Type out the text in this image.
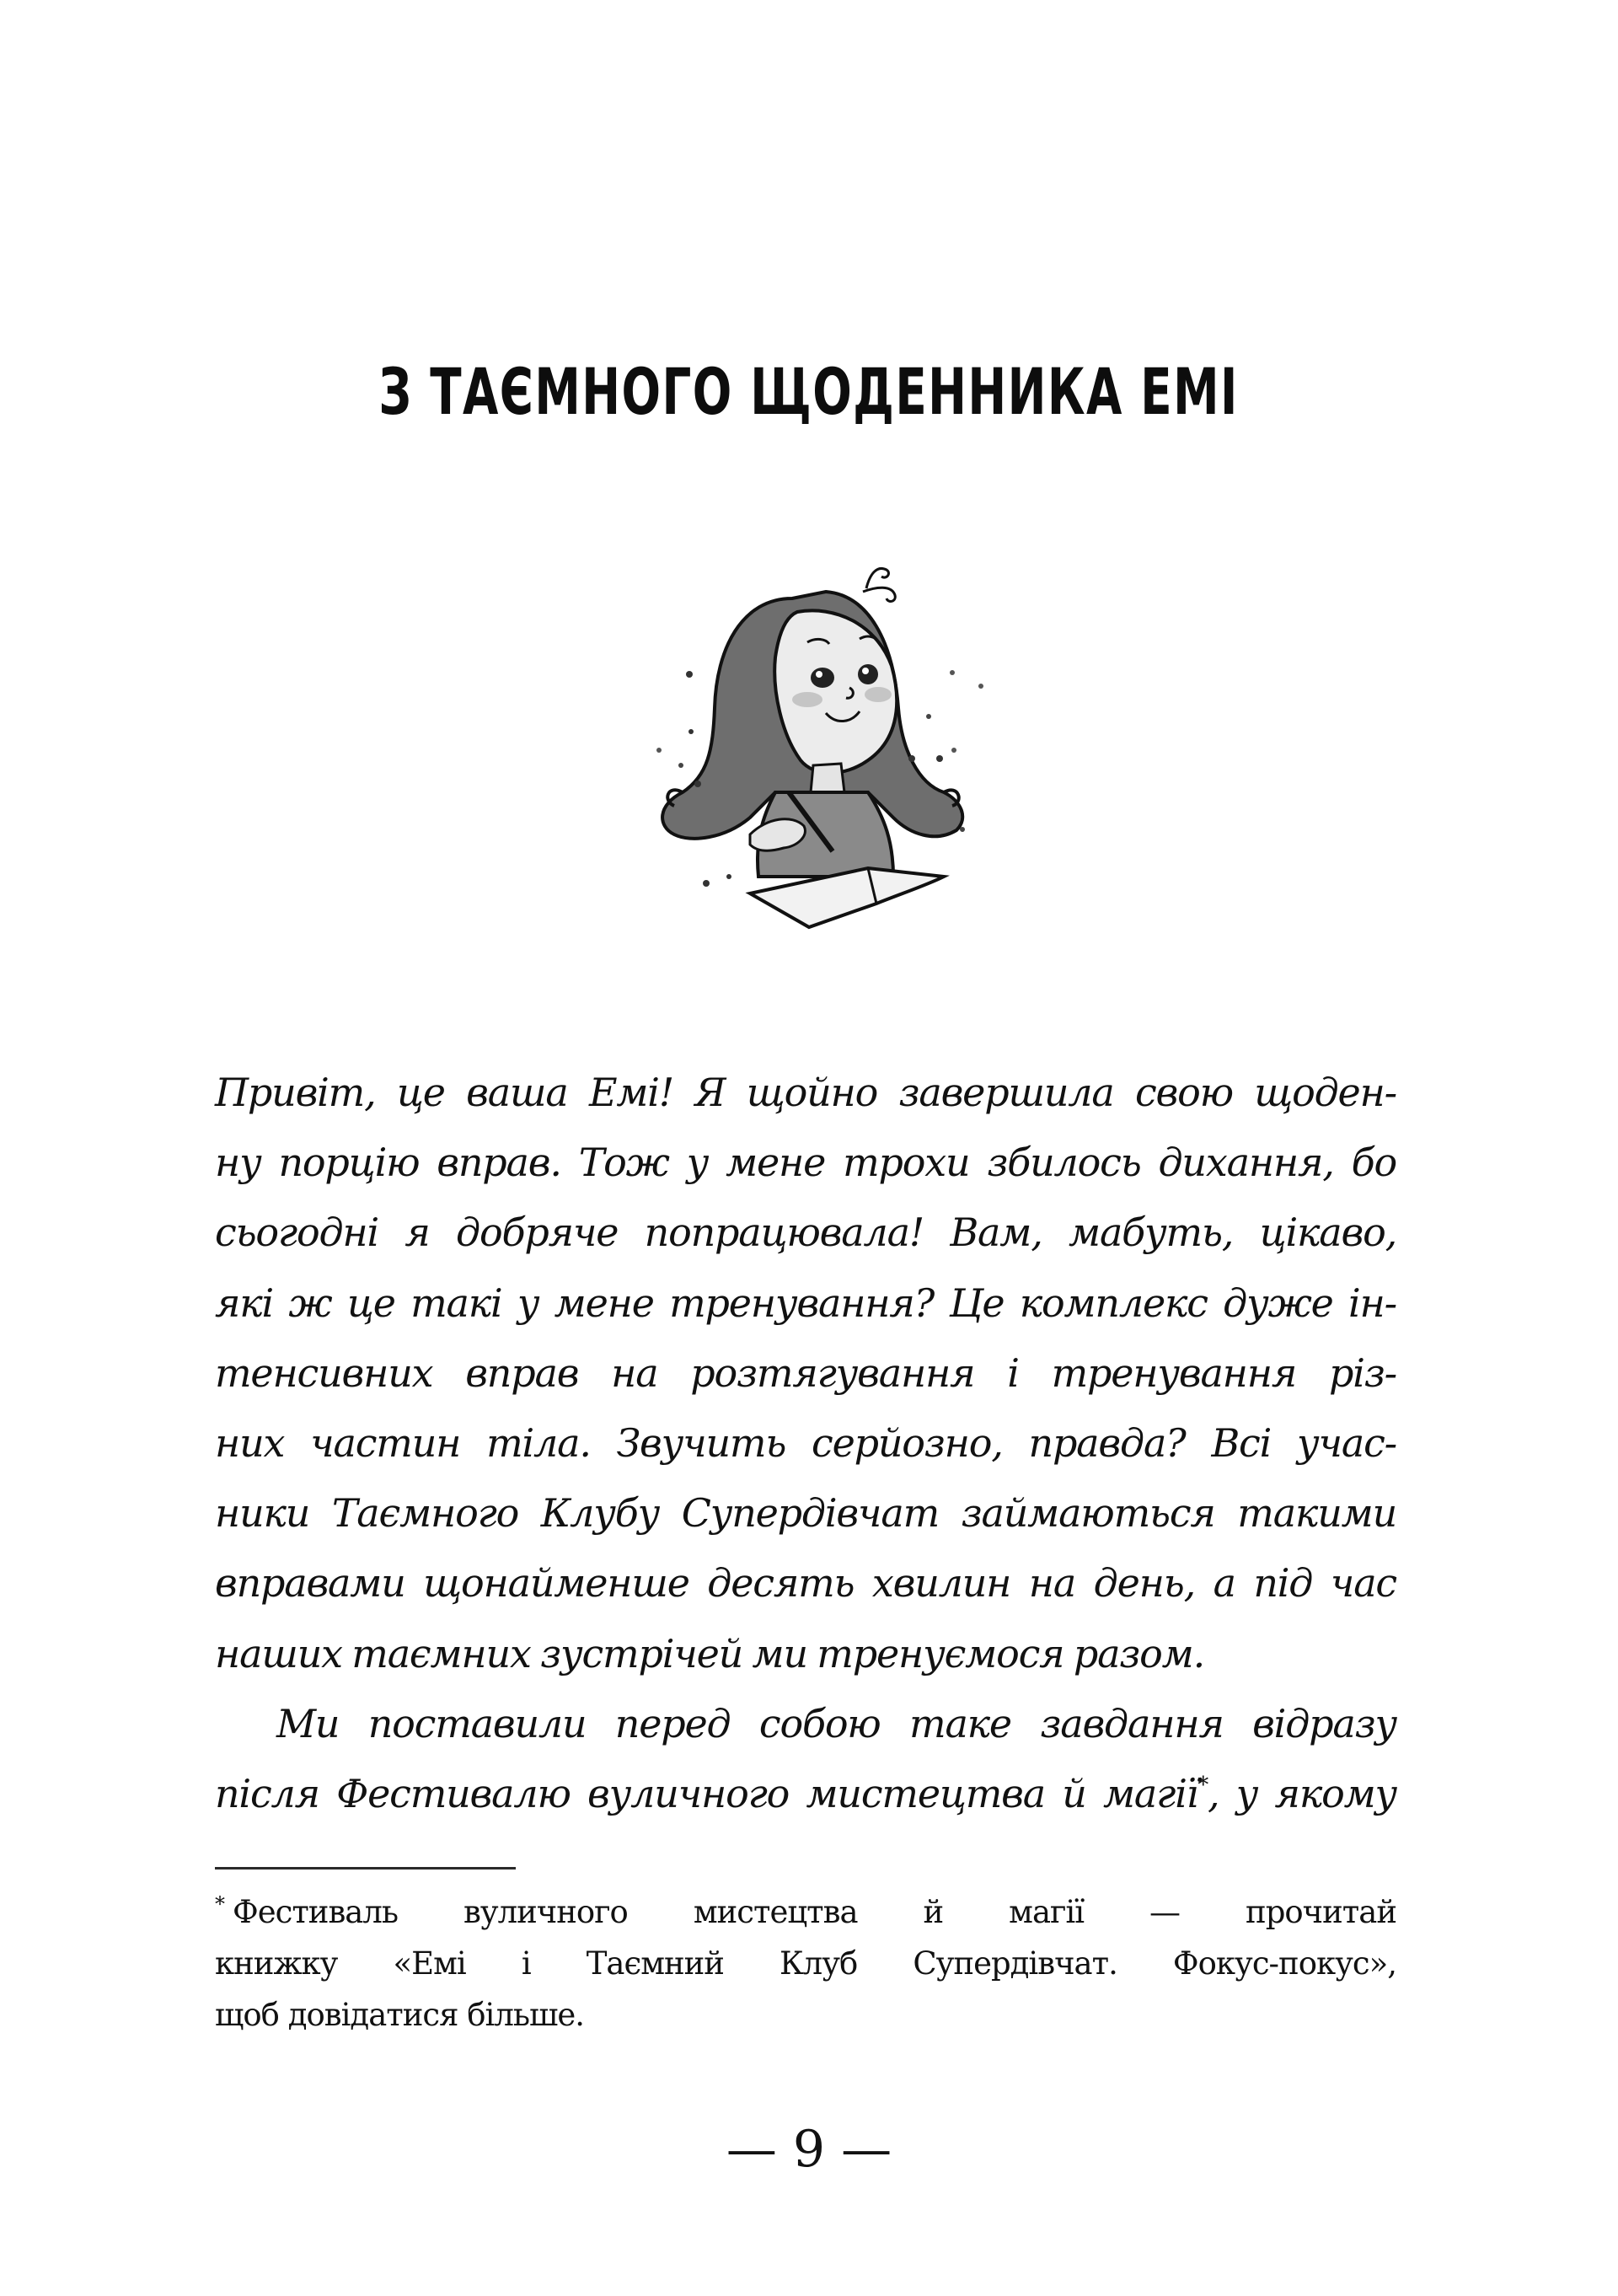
З ТАЄМНОГО ЩОДЕННИКА ЕМІ
Привіт, це ваша Емі! Я щойно завершила свою щоден-
ну порцію вправ. Тож у мене трохи збилось дихання, бо
сьогодні я добряче попрацювала! Вам, мабуть, цікаво,
які ж це такі у мене тренування? Це комплекс дуже ін-
тенсивних вправ на розтягування і тренування різ-
них частин тіла. Звучить серйозно, правда? Всі учас-
ники Таємного Клубу Супердівчат займаються такими
вправами щонайменше десять хвилин на день, а під час
наших таємних зустрічей ми тренуємося разом.
Ми поставили перед собою таке завдання відразу
після Фестивалю вуличного мистецтва й магії*, у якому
* Фестиваль вуличного мистецтва й магії — прочитай
книжку «Емі і Таємний Клуб Супердівчат. Фокус-покус»,
щоб довідатися більше.
— 9 —
